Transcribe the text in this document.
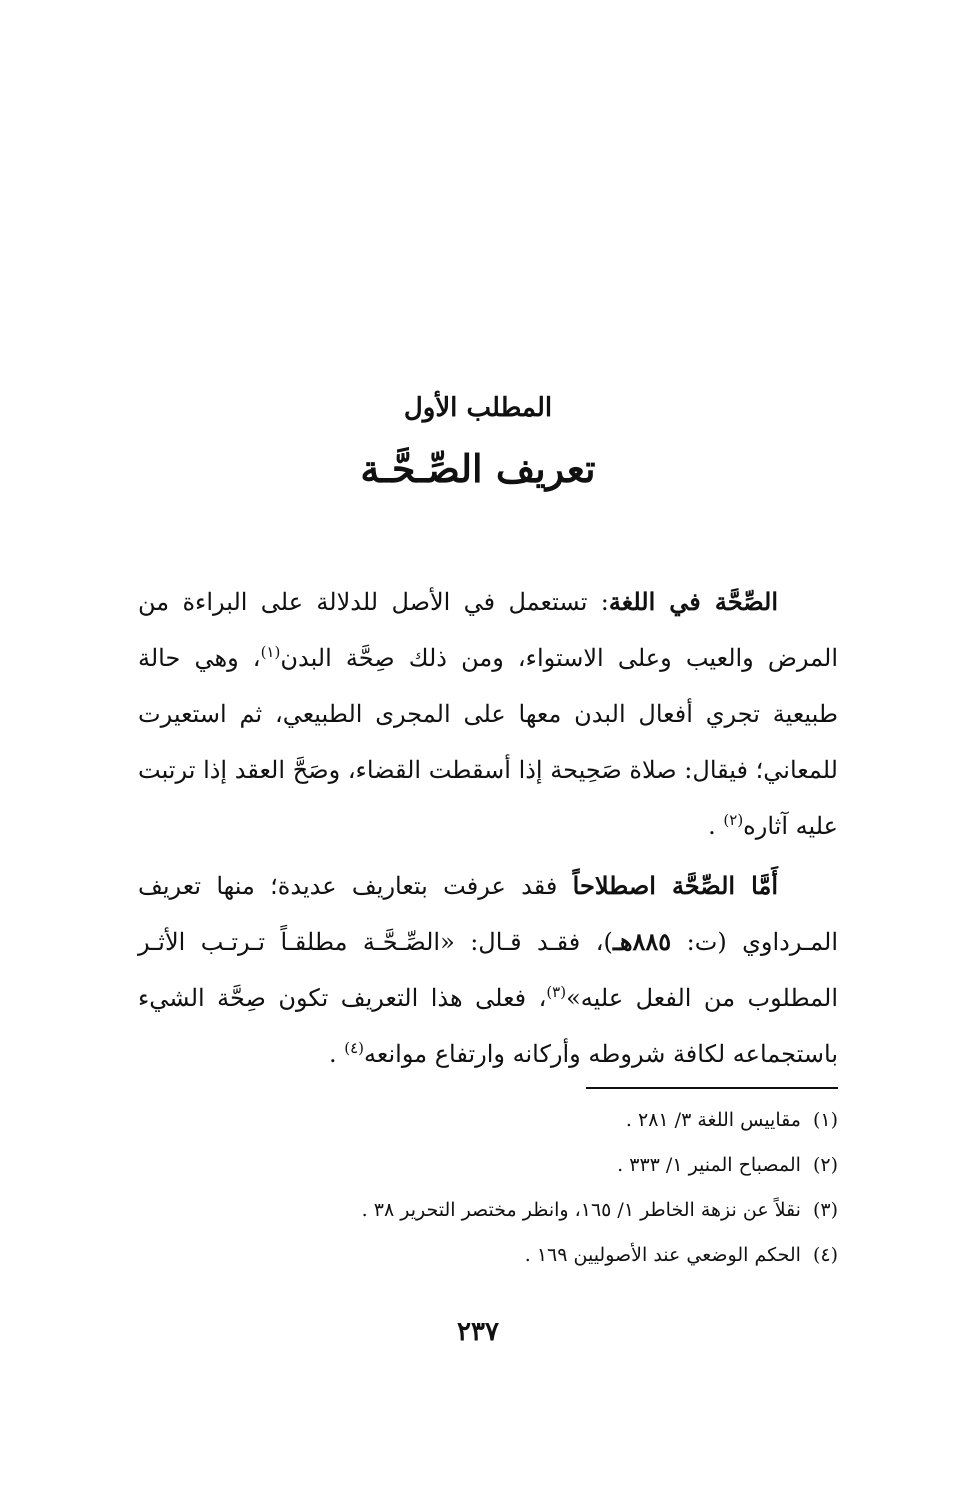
المطلب الأول
تعريف الصِّـحَّـة

الصِّحَّة في اللغة: تستعمل في الأصل للدلالة على البراءة من المرض والعيب وعلى الاستواء، ومن ذلك صِحَّة البدن$^{(١)}$، وهي حالة طبيعية تجري أفعال البدن معها على المجرى الطبيعي، ثم استعيرت للمعاني؛ فيقال: صلاة صَحِيحة إذا أسقطت القضاء، وصَحَّ العقد إذا ترتبت عليه آثاره$^{(٢)}$ .

أَمَّا الصِّحَّة اصطلاحاً فقد عرفت بتعاريف عديدة؛ منها تعريف المـرداوي (ت: ٨٨٥هـ)، فقـد قـال: «الصِّـحَّـة مطلقـاً تـرتـب الأثـر المطلوب من الفعل عليه»$^{(٣)}$، فعلى هذا التعريف تكون صِحَّة الشيء باستجماعه لكافة شروطه وأركانه وارتفاع موانعه$^{(٤)}$ .

(١)مقاييس اللغة ٣/ ٢٨١ .
(٢)المصباح المنير ١/ ٣٣٣ .
(٣)نقلاً عن نزهة الخاطر ١/ ١٦٥، وانظر مختصر التحرير ٣٨ .
(٤)الحكم الوضعي عند الأصوليين ١٦٩ .
٢٣٧
